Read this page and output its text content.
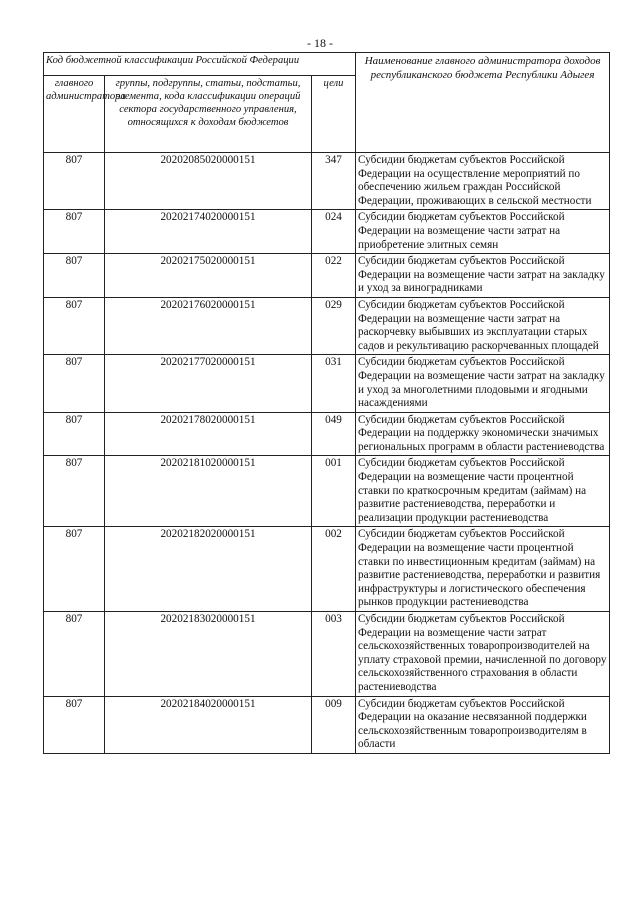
- 18 -
Код бюджетной классификации Российской Федерации			Наименование главного администратора доходов республиканского бюджета Республики Адыгея
главного администратора	группы, подгруппы, статьи, подстатьи, элемента, кода классификации операций сектора государственного управления, относящихся к доходам бюджетов	цели	
807	20202085020000151	347	Субсидии бюджетам субъектов Российской Федерации на осуществление мероприятий по обеспечению жильем граждан Российской Федерации, проживающих в сельской местности
807	20202174020000151	024	Субсидии бюджетам субъектов Российской Федерации на возмещение части затрат на приобретение элитных семян
807	20202175020000151	022	Субсидии бюджетам субъектов Российской Федерации на возмещение части затрат на закладку и уход за виноградниками
807	20202176020000151	029	Субсидии бюджетам субъектов Российской Федерации на возмещение части затрат на раскорчевку выбывших из эксплуатации старых садов и рекультивацию раскорчеванных площадей
807	20202177020000151	031	Субсидии бюджетам субъектов Российской Федерации на возмещение части затрат на закладку и уход за многолетними плодовыми и ягодными насаждениями
807	20202178020000151	049	Субсидии бюджетам субъектов Российской Федерации на поддержку экономически значимых региональных программ в области растениеводства
807	20202181020000151	001	Субсидии бюджетам субъектов Российской Федерации на возмещение части процентной ставки по краткосрочным кредитам (займам) на развитие растениеводства, переработки и реализации продукции растениеводства
807	20202182020000151	002	Субсидии бюджетам субъектов Российской Федерации на возмещение части процентной ставки по инвестиционным кредитам (займам) на развитие растениеводства, переработки и развития инфраструктуры и логистического обеспечения рынков продукции растениеводства
807	20202183020000151	003	Субсидии бюджетам субъектов Российской Федерации на возмещение части затрат сельскохозяйственных товаропроизводителей на уплату страховой премии, начисленной по договору сельскохозяйственного страхования в области растениеводства
807	20202184020000151	009	Субсидии бюджетам субъектов Российской Федерации на оказание несвязанной поддержки сельскохозяйственным товаропроизводителям в области
